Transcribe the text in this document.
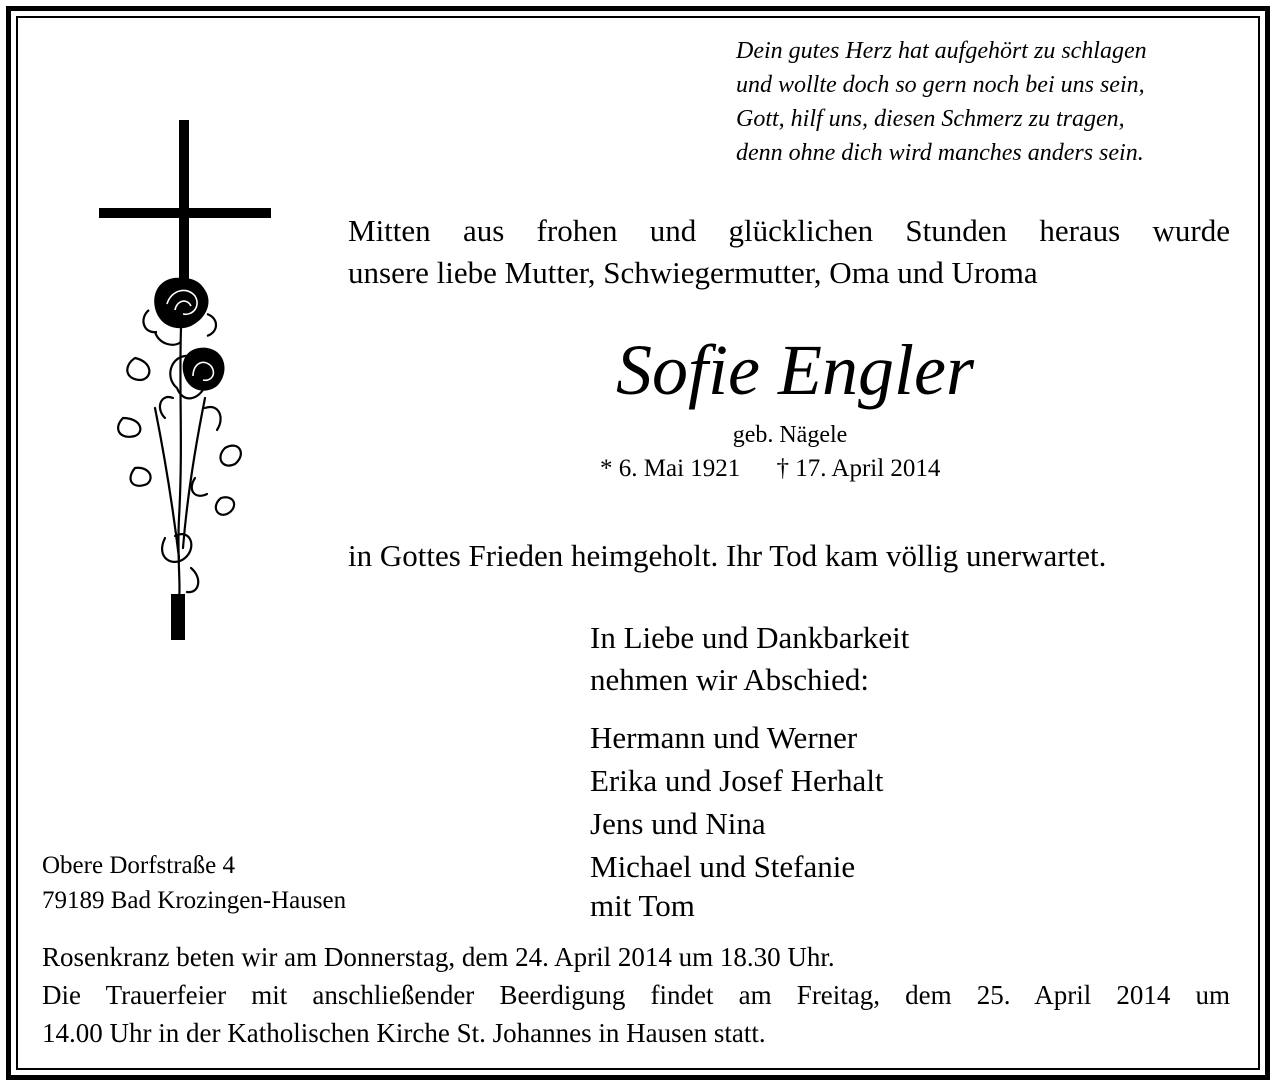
Dein gutes Herz hat aufgehört zu schlagen
und wollte doch so gern noch bei uns sein,
Gott, hilf uns, diesen Schmerz zu tragen,
denn ohne dich wird manches anders sein.
Mitten aus frohen und glücklichen Stunden heraus wurde
unsere liebe Mutter, Schwiegermutter, Oma und Uroma
Sofie Engler
geb. Nägele
* 6. Mai 1921 † 17. April 2014
in Gottes Frieden heimgeholt. Ihr Tod kam völlig unerwartet.
In Liebe und Dankbarkeit
nehmen wir Abschied:
Hermann und Werner
Erika und Josef Herhalt
Jens und Nina
Michael und Stefanie
mit Tom
Obere Dorfstraße 4
79189 Bad Krozingen-Hausen
Rosenkranz beten wir am Donnerstag, dem 24. April 2014 um 18.30 Uhr.
Die Trauerfeier mit anschließender Beerdigung findet am Freitag, dem 25. April 2014 um
14.00 Uhr in der Katholischen Kirche St. Johannes in Hausen statt.
